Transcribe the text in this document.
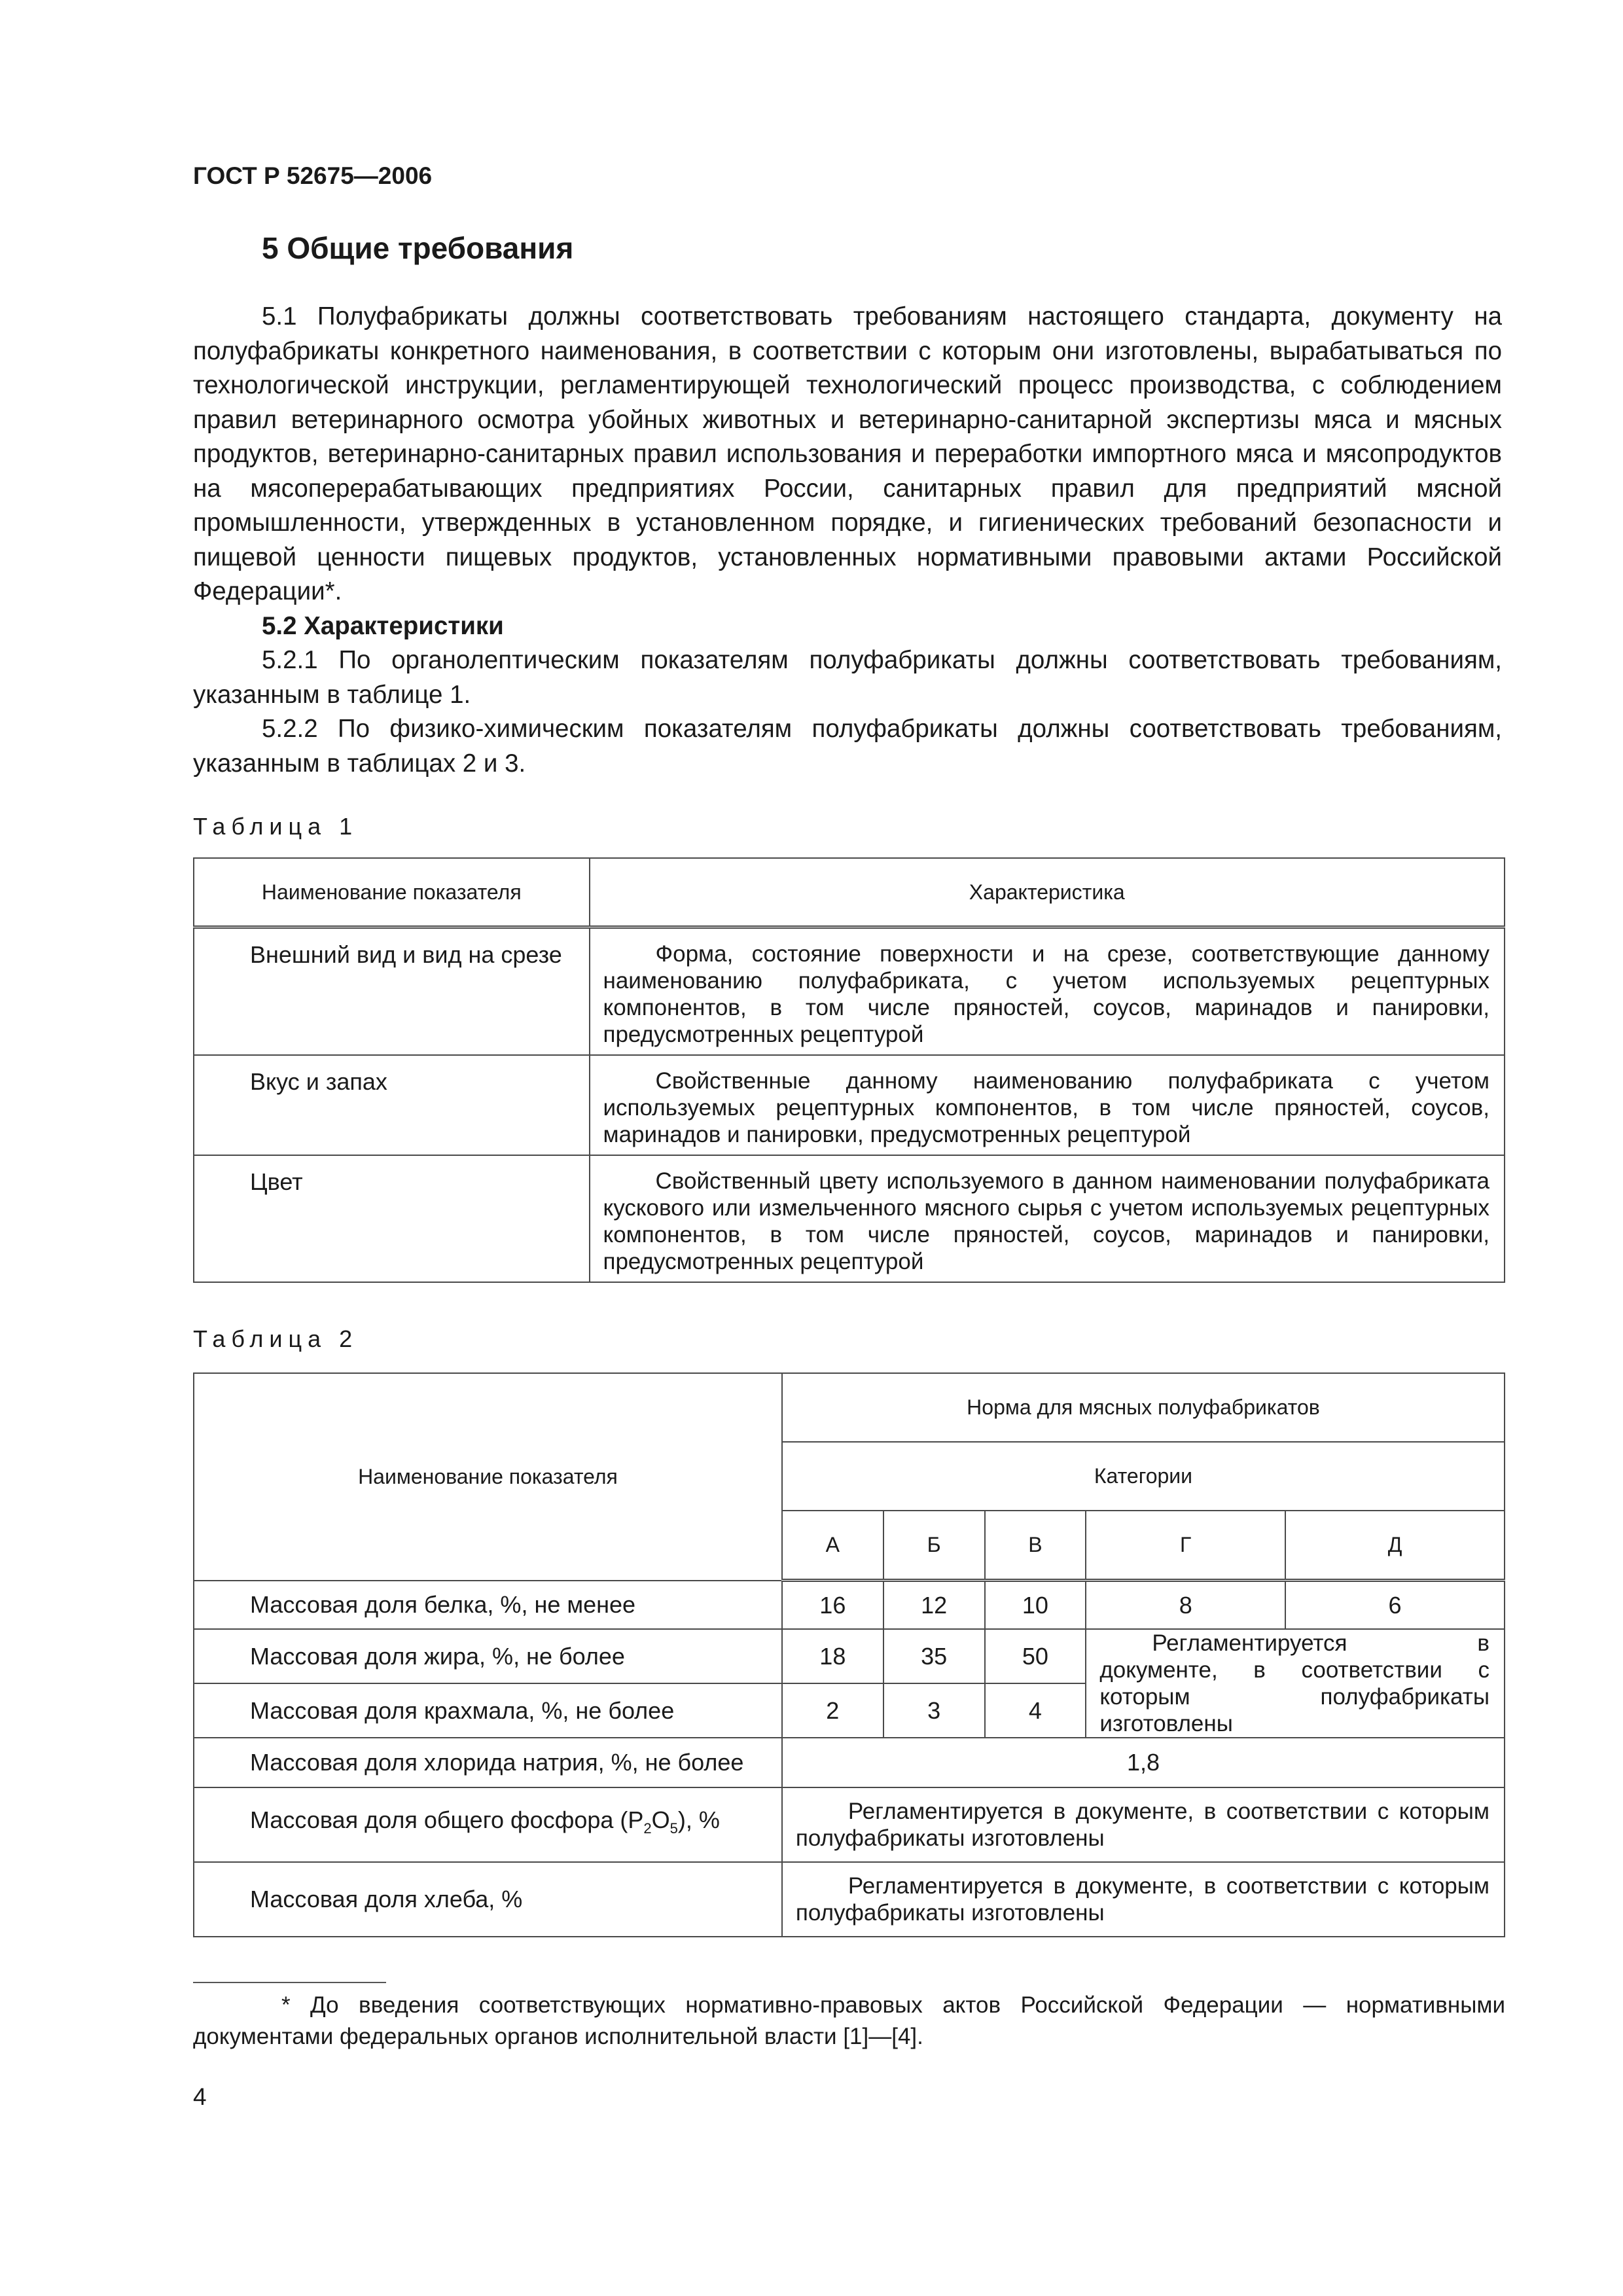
ГОСТ Р 52675—2006
5 Общие требования

5.1 Полуфабрикаты должны соответствовать требованиям настоящего стандарта, документу на полуфабрикаты конкретного наименования, в соответствии с которым они изготовлены, вырабатываться по технологической инструкции, регламентирующей технологический процесс производства, с соблюдением правил ветеринарного осмотра убойных животных и ветеринарно-санитарной экспертизы мяса и мясных продуктов, ветеринарно-санитарных правил использования и переработки импортного мяса и мясопродуктов на мясоперерабатывающих предприятиях России, санитарных правил для предприятий мясной промышленности, утвержденных в установленном порядке, и гигиенических требований безопасности и пищевой ценности пищевых продуктов, установленных нормативными правовыми актами Российской Федерации*.

5.2 Характеристики

5.2.1 По органолептическим показателям полуфабрикаты должны соответствовать требованиям, указанным в таблице 1.

5.2.2 По физико-химическим показателям полуфабрикаты должны соответствовать требованиям, указанным в таблицах 2 и 3.

Таблица 1
Наименование показателя	Характеристика
Внешний вид и вид на срезе	Форма, состояние поверхности и на срезе, соответствующие данному наименованию полуфабриката, с учетом используемых рецептурных компонентов, в том числе пряностей, соусов, маринадов и панировки, предусмотренных рецептурой
Вкус и запах	Свойственные данному наименованию полуфабриката с учетом используемых рецептурных компонентов, в том числе пряностей, соусов, маринадов и панировки, предусмотренных рецептурой
Цвет	Свойственный цвету используемого в данном наименовании полуфабриката кускового или измельченного мясного сырья с учетом используемых рецептурных компонентов, в том числе пряностей, соусов, маринадов и панировки, предусмотренных рецептурой
Таблица 2
Наименование показателя	Норма для мясных полуфабрикатов				
	Категории				
	А	Б	В	Г	Д
Массовая доля белка, %, не менее	16	12	10	8	6
Массовая доля жира, %, не более	18	35	50	Регламентируется в документе, в соответствии с которым полуфабрикаты изготовлены	
Массовая доля крахмала, %, не более	2	3	4		
Массовая доля хлорида натрия, %, не более	1,8				
Массовая доля общего фосфора $(P_2O_5)$, %	Регламентируется в документе, в соответствии с которым полуфабрикаты изготовлены				
Массовая доля хлеба, %	Регламентируется в документе, в соответствии с которым полуфабрикаты изготовлены				
* До введения соответствующих нормативно-правовых актов Российской Федерации — нормативными документами федеральных органов исполнительной власти [1]—[4].
4
